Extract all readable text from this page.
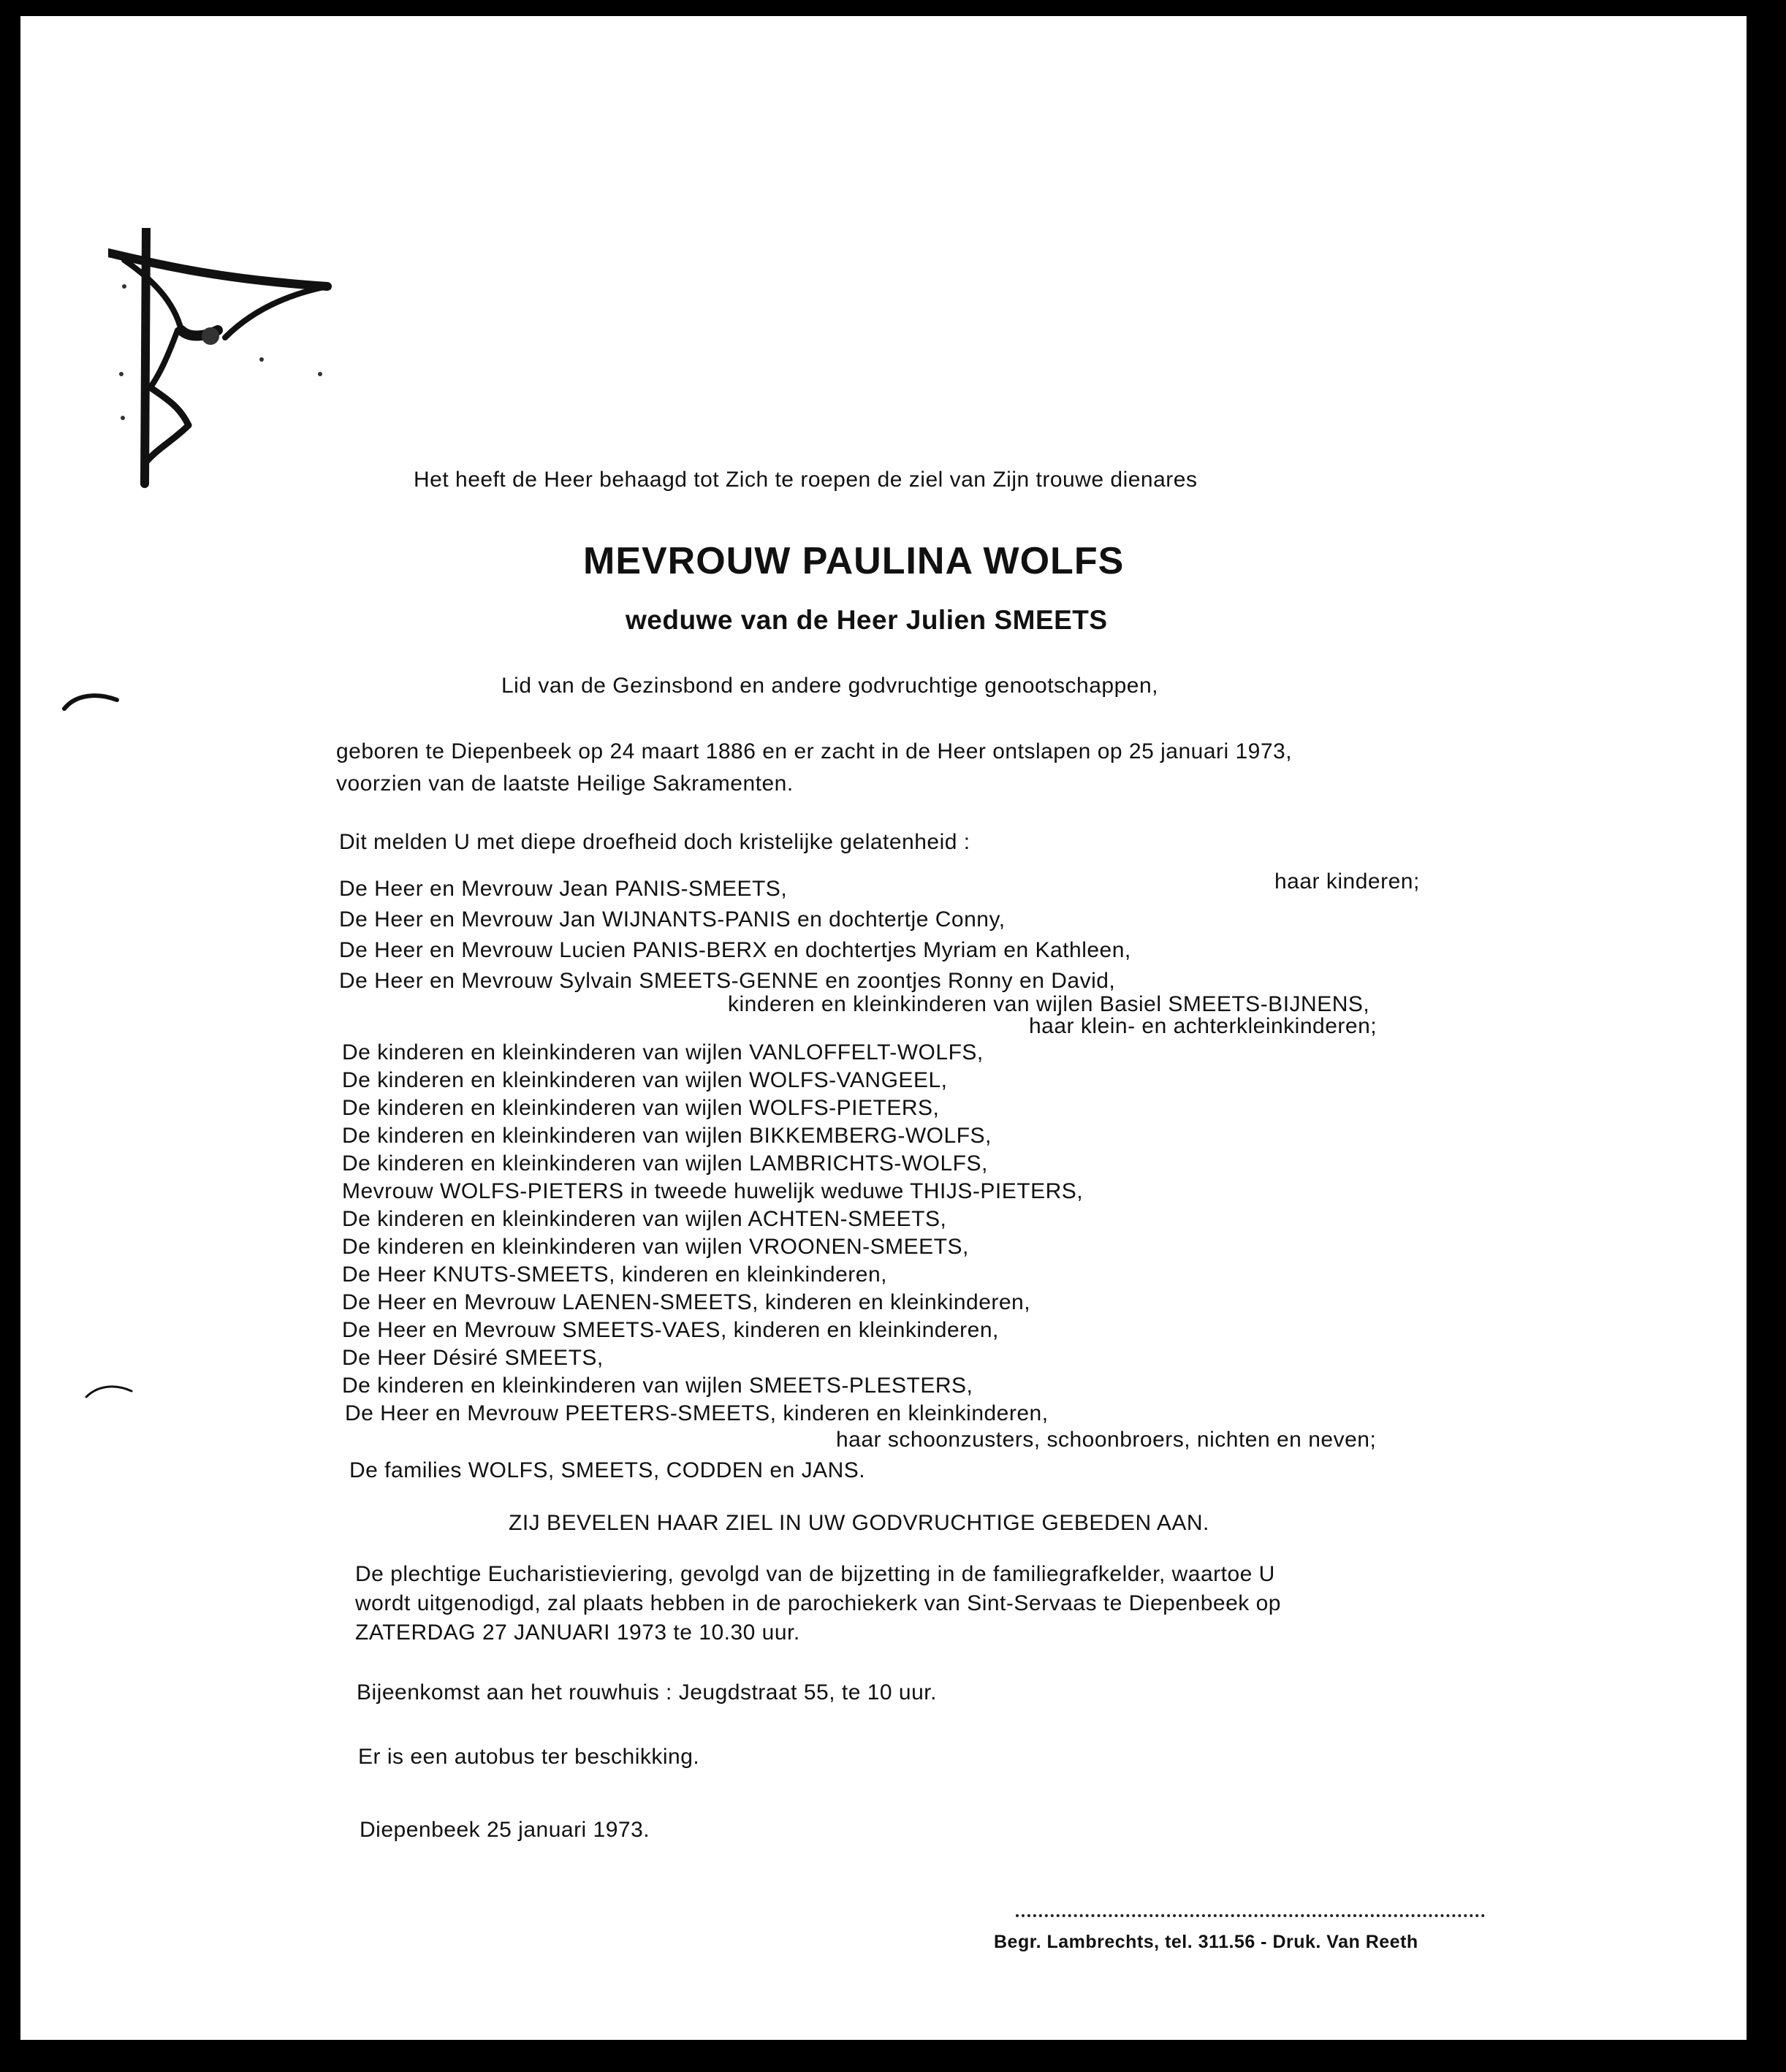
Het heeft de Heer behaagd tot Zich te roepen de ziel van Zijn trouwe dienares
MEVROUW PAULINA WOLFS
weduwe van de Heer Julien SMEETS
Lid van de Gezinsbond en andere godvruchtige genootschappen,
geboren te Diepenbeek op 24 maart 1886 en er zacht in de Heer ontslapen op 25 januari 1973,
voorzien van de laatste Heilige Sakramenten.
Dit melden U met diepe droefheid doch kristelijke gelatenheid :
De Heer en Mevrouw Jean PANIS-SMEETS,	haar kinderen;
De Heer en Mevrouw Jan WIJNANTS-PANIS en dochtertje Conny,
De Heer en Mevrouw Lucien PANIS-BERX en dochtertjes Myriam en Kathleen,
De Heer en Mevrouw Sylvain SMEETS-GENNE en zoontjes Ronny en David,
kinderen en kleinkinderen van wijlen Basiel SMEETS-BIJNENS,
haar klein- en achterkleinkinderen;
De kinderen en kleinkinderen van wijlen VANLOFFELT-WOLFS,
De kinderen en kleinkinderen van wijlen WOLFS-VANGEEL,
De kinderen en kleinkinderen van wijlen WOLFS-PIETERS,
De kinderen en kleinkinderen van wijlen BIKKEMBERG-WOLFS,
De kinderen en kleinkinderen van wijlen LAMBRICHTS-WOLFS,
Mevrouw WOLFS-PIETERS in tweede huwelijk weduwe THIJS-PIETERS,
De kinderen en kleinkinderen van wijlen ACHTEN-SMEETS,
De kinderen en kleinkinderen van wijlen VROONEN-SMEETS,
De Heer KNUTS-SMEETS, kinderen en kleinkinderen,
De Heer en Mevrouw LAENEN-SMEETS, kinderen en kleinkinderen,
De Heer en Mevrouw SMEETS-VAES, kinderen en kleinkinderen,
De Heer Désiré SMEETS,
De kinderen en kleinkinderen van wijlen SMEETS-PLESTERS,
De Heer en Mevrouw PEETERS-SMEETS, kinderen en kleinkinderen,
haar schoonzusters, schoonbroers, nichten en neven;
De families WOLFS, SMEETS, CODDEN en JANS.
ZIJ BEVELEN HAAR ZIEL IN UW GODVRUCHTIGE GEBEDEN AAN.
De plechtige Eucharistieviering, gevolgd van de bijzetting in de familiegrafkelder, waartoe U
wordt uitgenodigd, zal plaats hebben in de parochiekerk van Sint-Servaas te Diepenbeek op
ZATERDAG 27 JANUARI 1973 te 10.30 uur.
Bijeenkomst aan het rouwhuis : Jeugdstraat 55, te 10 uur.
Er is een autobus ter beschikking.
Diepenbeek 25 januari 1973.
Begr. Lambrechts, tel. 311.56 - Druk. Van Reeth
